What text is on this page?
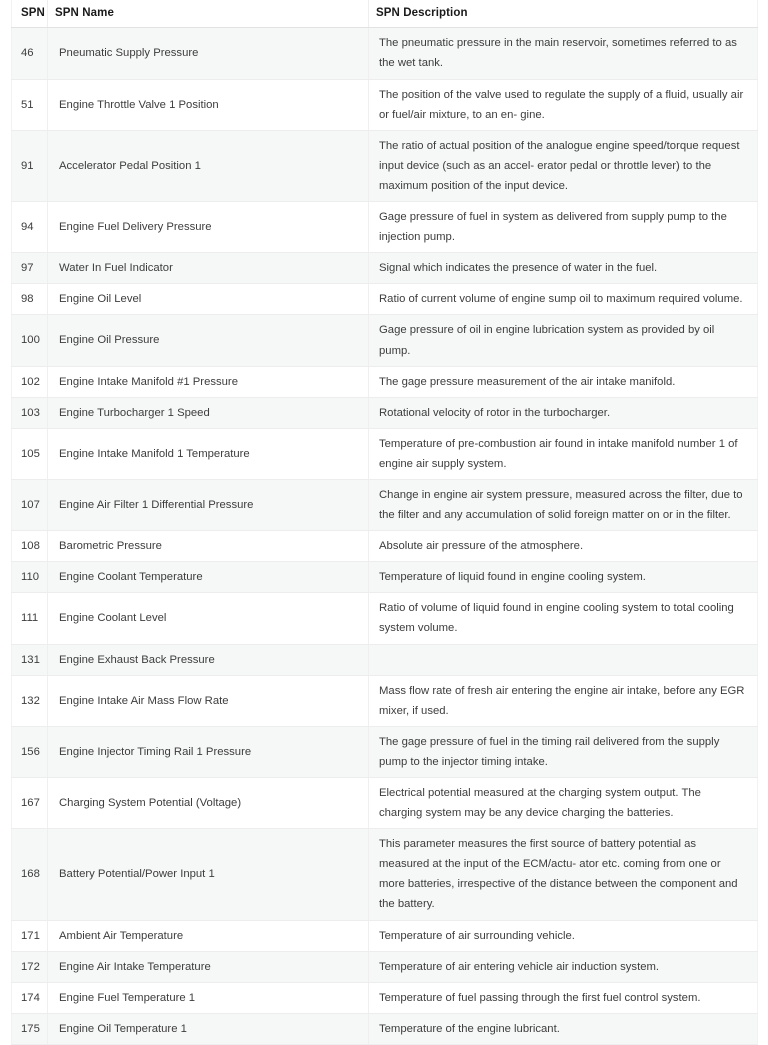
SPN	SPN Name	SPN Description
46	Pneumatic Supply Pressure	The pneumatic pressure in the main reservoir, sometimes referred to as the wet tank.
51	Engine Throttle Valve 1 Position	The position of the valve used to regulate the supply of a fluid, usually air or fuel/air mixture, to an en- gine.
91	Accelerator Pedal Position 1	The ratio of actual position of the analogue engine speed/torque request input device (such as an accel- erator pedal or throttle lever) to the maximum position of the input device.
94	Engine Fuel Delivery Pressure	Gage pressure of fuel in system as delivered from supply pump to the injection pump.
97	Water In Fuel Indicator	Signal which indicates the presence of water in the fuel.
98	Engine Oil Level	Ratio of current volume of engine sump oil to maximum required volume.
100	Engine Oil Pressure	Gage pressure of oil in engine lubrication system as provided by oil pump.
102	Engine Intake Manifold #1 Pressure	The gage pressure measurement of the air intake manifold.
103	Engine Turbocharger 1 Speed	Rotational velocity of rotor in the turbocharger.
105	Engine Intake Manifold 1 Temperature	Temperature of pre-combustion air found in intake manifold number 1 of engine air supply system.
107	Engine Air Filter 1 Differential Pressure	Change in engine air system pressure, measured across the filter, due to the filter and any accumulation of solid foreign matter on or in the filter.
108	Barometric Pressure	Absolute air pressure of the atmosphere.
110	Engine Coolant Temperature	Temperature of liquid found in engine cooling system.
111	Engine Coolant Level	Ratio of volume of liquid found in engine cooling system to total cooling system volume.
131	Engine Exhaust Back Pressure	
132	Engine Intake Air Mass Flow Rate	Mass flow rate of fresh air entering the engine air intake, before any EGR mixer, if used.
156	Engine Injector Timing Rail 1 Pressure	The gage pressure of fuel in the timing rail delivered from the supply pump to the injector timing intake.
167	Charging System Potential (Voltage)	Electrical potential measured at the charging system output. The charging system may be any device charging the batteries.
168	Battery Potential/Power Input 1	This parameter measures the first source of battery potential as measured at the input of the ECM/actu- ator etc. coming from one or more batteries, irrespective of the distance between the component and the battery.
171	Ambient Air Temperature	Temperature of air surrounding vehicle.
172	Engine Air Intake Temperature	Temperature of air entering vehicle air induction system.
174	Engine Fuel Temperature 1	Temperature of fuel passing through the first fuel control system.
175	Engine Oil Temperature 1	Temperature of the engine lubricant.
